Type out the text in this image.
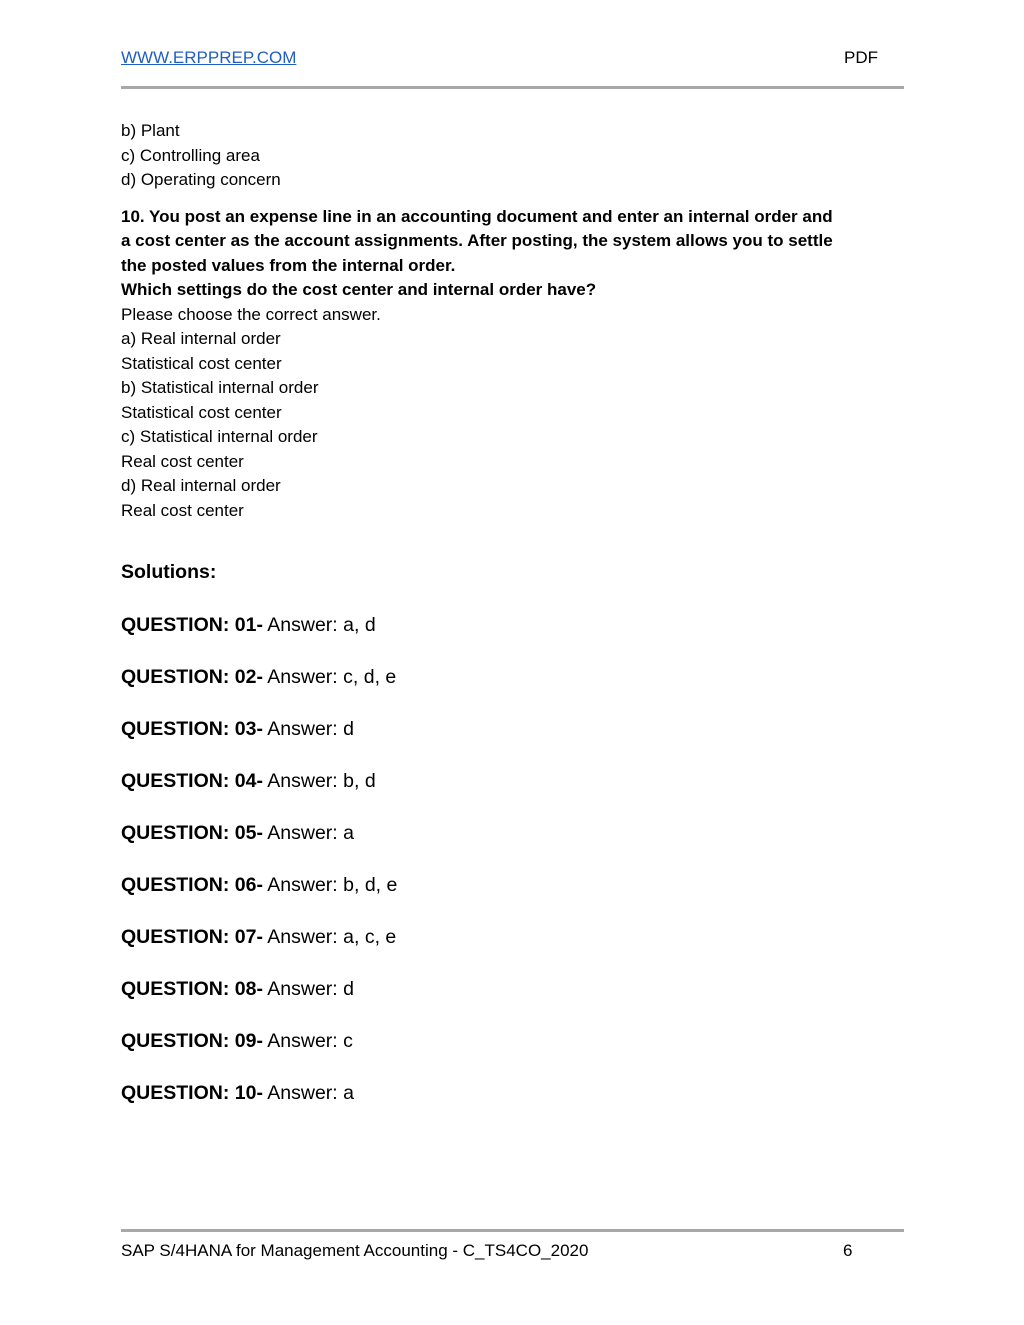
WWW.ERPPREP.COM	PDF
b) Plant
c) Controlling area
d) Operating concern
10. You post an expense line in an accounting document and enter an internal order and
a cost center as the account assignments. After posting, the system allows you to settle
the posted values from the internal order.
Which settings do the cost center and internal order have?
Please choose the correct answer.
a) Real internal order
Statistical cost center
b) Statistical internal order
Statistical cost center
c) Statistical internal order
Real cost center
d) Real internal order
Real cost center
Solutions:
QUESTION: 01- Answer: a, d
QUESTION: 02- Answer: c, d, e
QUESTION: 03- Answer: d
QUESTION: 04- Answer: b, d
QUESTION: 05- Answer: a
QUESTION: 06- Answer: b, d, e
QUESTION: 07- Answer: a, c, e
QUESTION: 08- Answer: d
QUESTION: 09- Answer: c
QUESTION: 10- Answer: a
SAP S/4HANA for Management Accounting - C_TS4CO_2020	6
